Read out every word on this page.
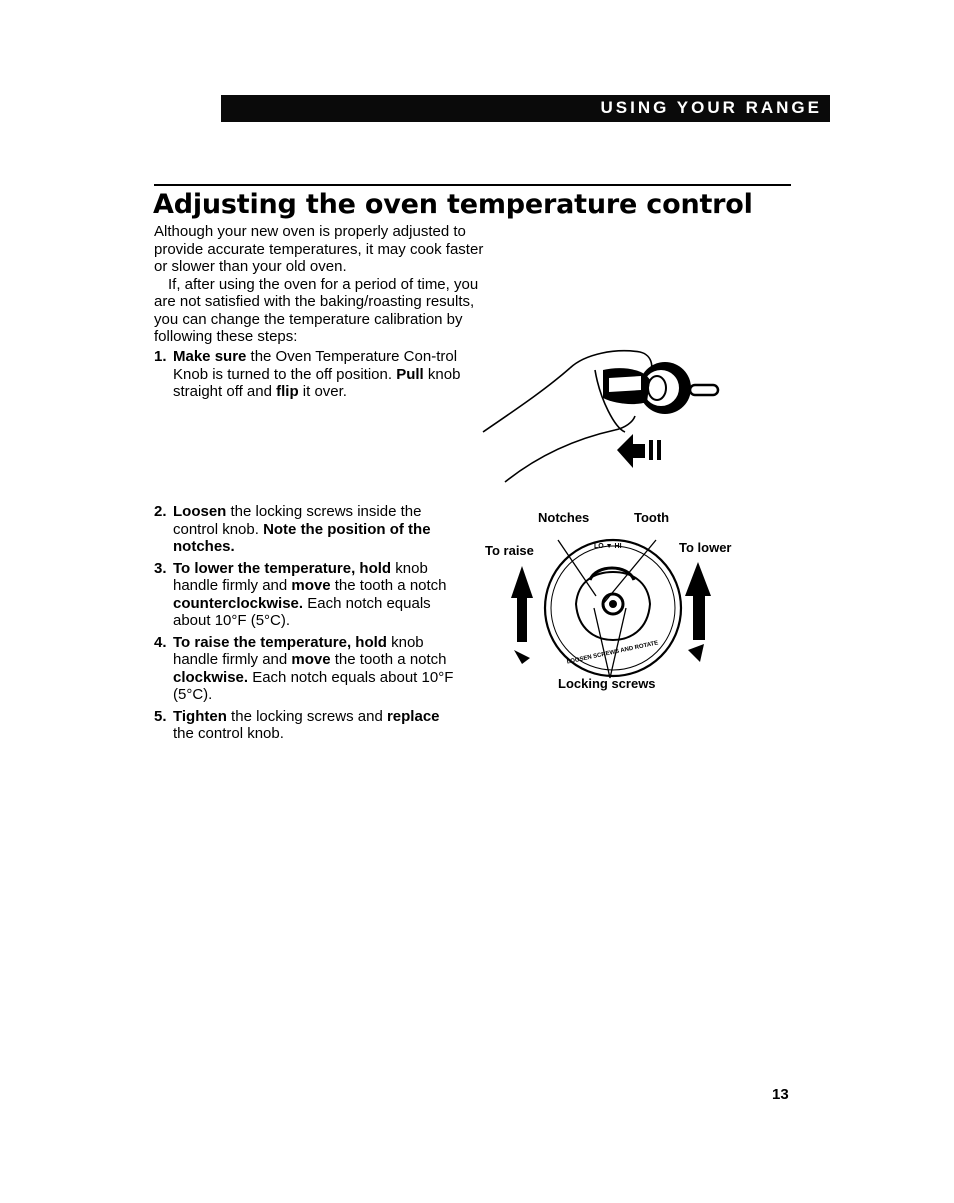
USING YOUR RANGE
Adjusting the oven temperature control

Although your new oven is properly adjusted to provide accurate temperatures, it may cook faster or slower than your old oven.

If, after using the oven for a period of time, you are not satisfied with the baking/roasting results, you can change the temperature calibration by following these steps:

1. Make sure the Oven Temperature Con-trol Knob is turned to the off position. Pull knob straight off and flip it over.

2. Loosen the locking screws inside the control knob. Note the position of the notches.

3. To lower the temperature, hold knob handle firmly and move the tooth a notch counterclockwise. Each notch equals about 10°F (5°C).

4. To raise the temperature, hold knob handle firmly and move the tooth a notch clockwise. Each notch equals about 10°F (5°C).

5. Tighten the locking screws and replace the control knob.

Notches	Tooth
To raise	To lower
Locking screws
LO ▼ HI
LOOSEN SCREWS AND ROTATE
13
